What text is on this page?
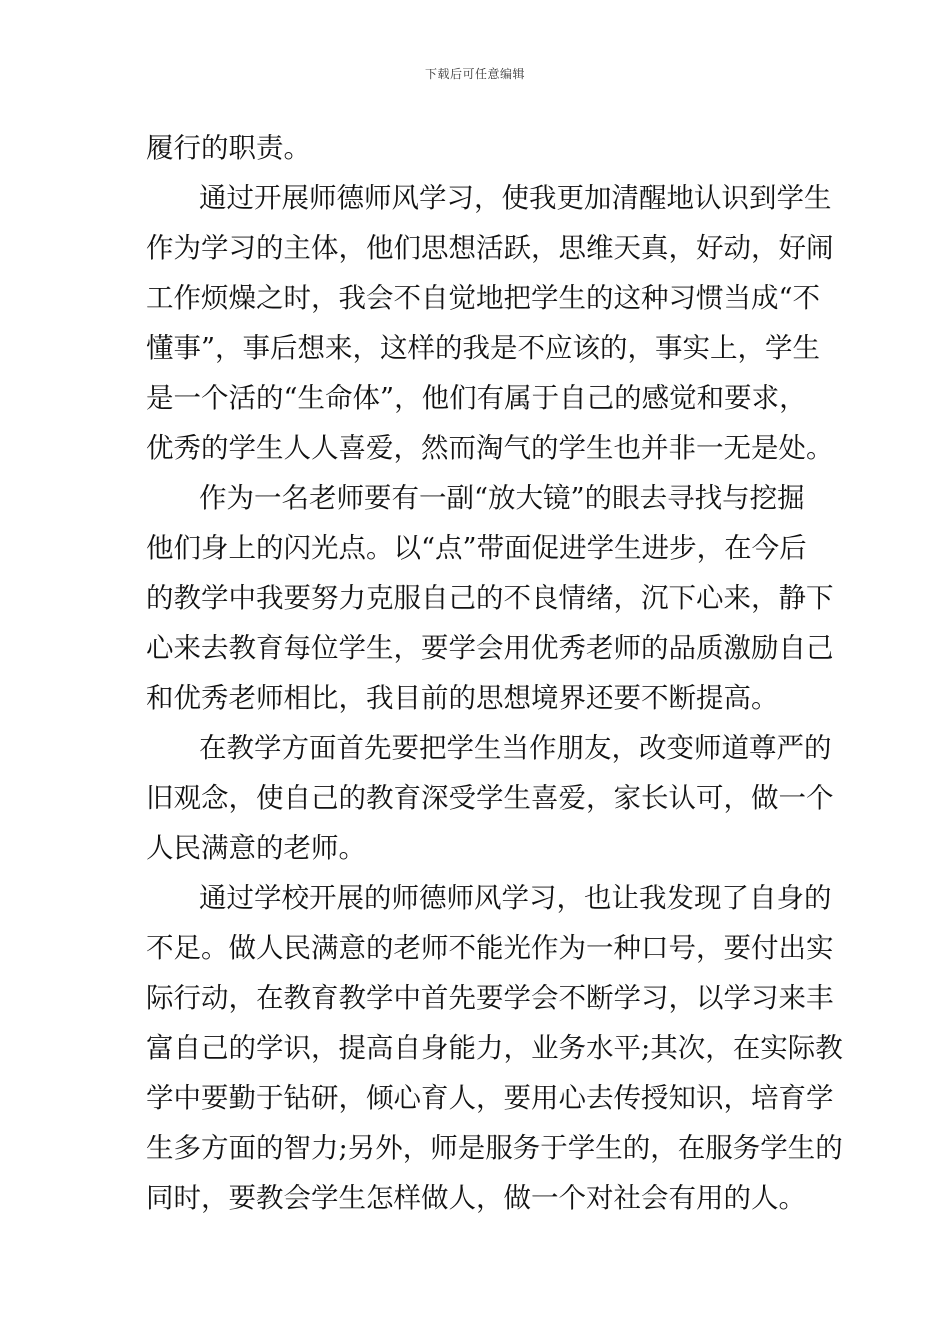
下载后可任意编辑
履行的职责。
通过开展师德师风学习，使我更加清醒地认识到学生
作为学习的主体，他们思想活跃，思维天真，好动，好闹
工作烦燥之时，我会不自觉地把学生的这种习惯当成“不
懂事”，事后想来，这样的我是不应该的，事实上，学生
是一个活的“生命体”，他们有属于自己的感觉和要求，
优秀的学生人人喜爱，然而淘气的学生也并非一无是处。
作为一名老师要有一副“放大镜”的眼去寻找与挖掘
他们身上的闪光点。以“点”带面促进学生进步，在今后
的教学中我要努力克服自己的不良情绪，沉下心来，静下
心来去教育每位学生，要学会用优秀老师的品质激励自己
和优秀老师相比，我目前的思想境界还要不断提高。
在教学方面首先要把学生当作朋友，改变师道尊严的
旧观念，使自己的教育深受学生喜爱，家长认可，做一个
人民满意的老师。
通过学校开展的师德师风学习，也让我发现了自身的
不足。做人民满意的老师不能光作为一种口号，要付出实
际行动，在教育教学中首先要学会不断学习，以学习来丰
富自己的学识，提高自身能力，业务水平;其次，在实际教
学中要勤于钻研，倾心育人，要用心去传授知识，培育学
生多方面的智力;另外，师是服务于学生的，在服务学生的
同时，要教会学生怎样做人，做一个对社会有用的人。
